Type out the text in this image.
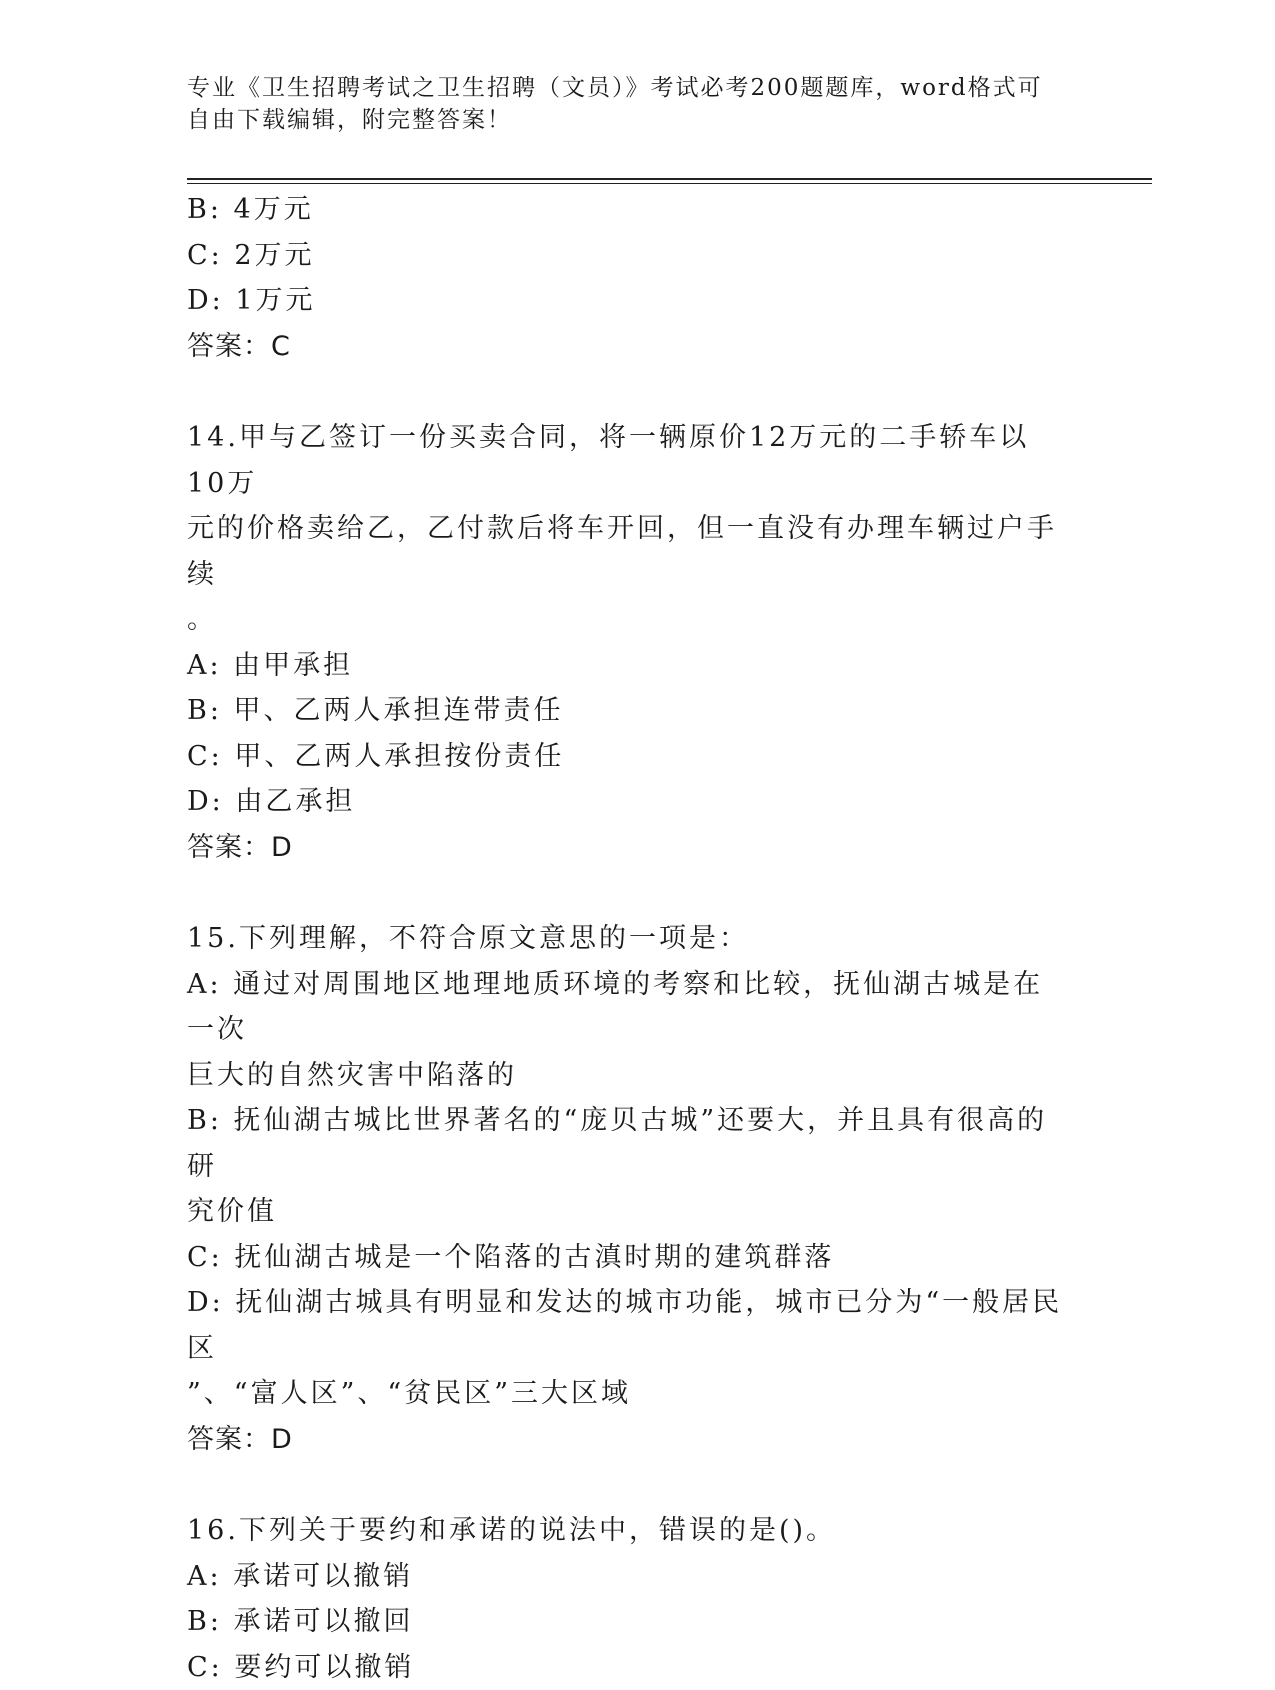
专业《卫生招聘考试之卫生招聘（文员）》考试必考200题题库，word格式可自由下载编辑，附完整答案！
B: 4万元
C: 2万元
D: 1万元
答案：C
14.甲与乙签订一份买卖合同，将一辆原价12万元的二手轿车以10万
元的价格卖给乙，乙付款后将车开回，但一直没有办理车辆过户手续
。
A: 由甲承担
B: 甲、乙两人承担连带责任
C: 甲、乙两人承担按份责任
D: 由乙承担
答案：D
15.下列理解，不符合原文意思的一项是：
A: 通过对周围地区地理地质环境的考察和比较，抚仙湖古城是在一次
巨大的自然灾害中陷落的
B: 抚仙湖古城比世界著名的“庞贝古城”还要大，并且具有很高的研
究价值
C: 抚仙湖古城是一个陷落的古滇时期的建筑群落
D: 抚仙湖古城具有明显和发达的城市功能，城市已分为“一般居民区
”、“富人区”、“贫民区”三大区域
答案：D
16.下列关于要约和承诺的说法中，错误的是()。
A: 承诺可以撤销
B: 承诺可以撤回
C: 要约可以撤销
